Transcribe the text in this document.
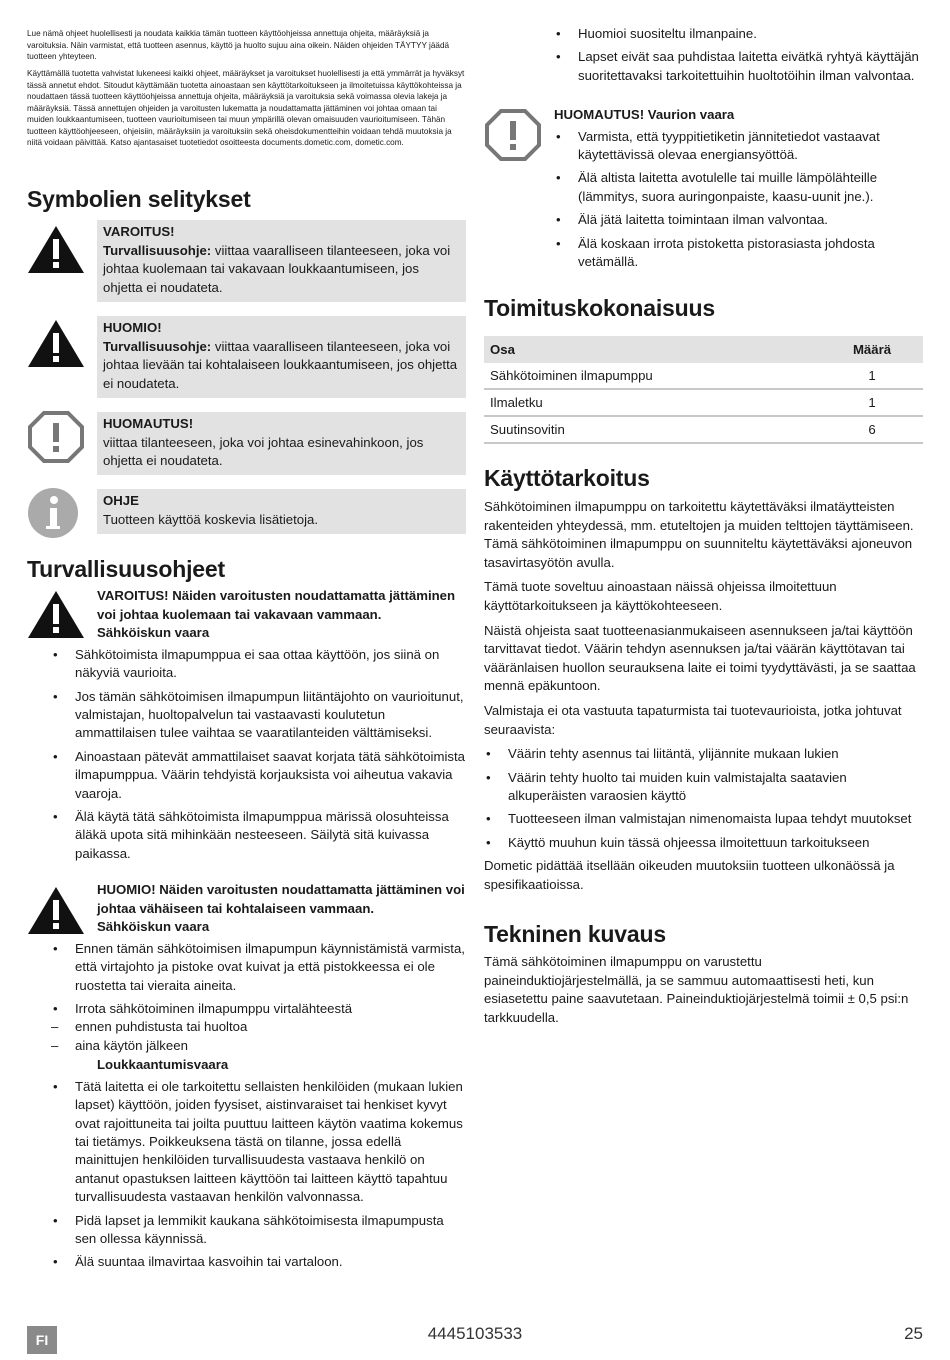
Lue nämä ohjeet huolellisesti ja noudata kaikkia tämän tuotteen käyttöohjeissa annettuja ohjeita, määräyksiä ja varoituksia. Näin varmistat, että tuotteen asennus, käyttö ja huolto sujuu aina oikein. Näiden ohjeiden TÄYTYY jäädä tuotteen yhteyteen.

Käyttämällä tuotetta vahvistat lukeneesi kaikki ohjeet, määräykset ja varoitukset huolellisesti ja että ymmärrät ja hyväksyt tässä annetut ehdot. Sitoudut käyttämään tuotetta ainoastaan sen käyttötarkoitukseen ja ilmoitetuissa käyttökohteissa ja noudattaen tässä tuotteen käyttöohjeissa annettuja ohjeita, määräyksiä ja varoituksia sekä voimassa olevia lakeja ja määräyksiä. Tässä annettujen ohjeiden ja varoitusten lukematta ja noudattamatta jättäminen voi johtaa omaan tai muiden loukkaantumiseen, tuotteen vaurioitumiseen tai muun ympärillä olevan omaisuuden vaurioitumiseen. Tähän tuotteen käyttöohjeeseen, ohjeisiin, määräyksiin ja varoituksiin sekä oheisdokumentteihin voidaan tehdä muutoksia ja niitä voidaan päivittää. Katso ajantasaiset tuotetiedot osoitteesta documents.dometic.com, dometic.com.

Symbolien selitykset
VAROITUS!
Turvallisuusohje: viittaa vaaralliseen tilanteeseen, joka voi johtaa kuolemaan tai vakavaan loukkaantumiseen, jos ohjetta ei noudateta.
HUOMIO!
Turvallisuusohje: viittaa vaaralliseen tilanteeseen, joka voi johtaa lievään tai kohtalaiseen loukkaantumiseen, jos ohjetta ei noudateta.
HUOMAUTUS!
viittaa tilanteeseen, joka voi johtaa esinevahinkoon, jos ohjetta ei noudateta.
OHJE
Tuotteen käyttöä koskevia lisätietoja.
Turvallisuusohjeet
VAROITUS! Näiden varoitusten noudattamatta jättäminen voi johtaa kuolemaan tai vakavaan vammaan.
Sähköiskun vaara
• Sähkötoimista ilmapumppua ei saa ottaa käyttöön, jos siinä on näkyviä vaurioita.
• Jos tämän sähkötoimisen ilmapumpun liitäntäjohto on vaurioitunut, valmistajan, huoltopalvelun tai vastaavasti koulutetun ammattilaisen tulee vaihtaa se vaaratilanteiden välttämiseksi.
• Ainoastaan pätevät ammattilaiset saavat korjata tätä sähkötoimista ilmapumppua. Väärin tehdyistä korjauksista voi aiheutua vakavia vaaroja.
• Älä käytä tätä sähkötoimista ilmapumppua märissä olosuhteissa äläkä upota sitä mihinkään nesteeseen. Säilytä sitä kuivassa paikassa.
HUOMIO! Näiden varoitusten noudattamatta jättäminen voi johtaa vähäiseen tai kohtalaiseen vammaan.
Sähköiskun vaara
• Ennen tämän sähkötoimisen ilmapumpun käynnistämistä varmista, että virtajohto ja pistoke ovat kuivat ja että pistokkeessa ei ole ruostetta tai vieraita aineita.
• Irrota sähkötoiminen ilmapumppu virtalähteestä
– ennen puhdistusta tai huoltoa
– aina käytön jälkeen
Loukkaantumisvaara
• Tätä laitetta ei ole tarkoitettu sellaisten henkilöiden (mukaan lukien lapset) käyttöön, joiden fyysiset, aistinvaraiset tai henkiset kyvyt ovat rajoittuneita tai joilta puuttuu laitteen käytön vaatima kokemus tai tietämys. Poikkeuksena tästä on tilanne, jossa edellä mainittujen henkilöiden turvallisuudesta vastaava henkilö on antanut opastuksen laitteen käyttöön tai laitteen käyttö tapahtuu turvallisuudesta vastaavan henkilön valvonnassa.
• Pidä lapset ja lemmikit kaukana sähkötoimisesta ilmapumpusta sen ollessa käynnissä.
• Älä suuntaa ilmavirtaa kasvoihin tai vartaloon.
• Huomioi suositeltu ilmanpaine.
• Lapset eivät saa puhdistaa laitetta eivätkä ryhtyä käyttäjän suoritettavaksi tarkoitettuihin huoltotöihin ilman valvontaa.
HUOMAUTUS! Vaurion vaara
• Varmista, että tyyppitietiketin jännitetiedot vastaavat käytettävissä olevaa energiansyöttöä.
• Älä altista laitetta avotulelle tai muille lämpölähteille (lämmitys, suora auringonpaiste, kaasu-uunit jne.).
• Älä jätä laitetta toimintaan ilman valvontaa.
• Älä koskaan irrota pistoketta pistorasiasta johdosta vetämällä.
Toimituskokonaisuus
Osa	Määrä
Sähkötoiminen ilmapumppu	1
Ilmaletku	1
Suutinsovitin	6
Käyttötarkoitus

Sähkötoiminen ilmapumppu on tarkoitettu käytettäväksi ilmatäytteisten rakenteiden yhteydessä, mm. etuteltojen ja muiden telttojen täyttämiseen. Tämä sähkötoiminen ilmapumppu on suunniteltu käytettäväksi ajoneuvon tasavirtasyötön avulla.

Tämä tuote soveltuu ainoastaan näissä ohjeissa ilmoitettuun käyttötarkoitukseen ja käyttökohteeseen.

Näistä ohjeista saat tuotteenasianmukaiseen asennukseen ja/tai käyttöön tarvittavat tiedot. Väärin tehdyn asennuksen ja/tai väärän käyttötavan tai vääränlaisen huollon seurauksena laite ei toimi tyydyttävästi, ja se saattaa mennä epäkuntoon.

Valmistaja ei ota vastuuta tapaturmista tai tuotevaurioista, jotka johtuvat seuraavista:

• Väärin tehty asennus tai liitäntä, ylijännite mukaan lukien
• Väärin tehty huolto tai muiden kuin valmistajalta saatavien alkuperäisten varaosien käyttö
• Tuotteeseen ilman valmistajan nimenomaista lupaa tehdyt muutokset
• Käyttö muuhun kuin tässä ohjeessa ilmoitettuun tarkoitukseen

Dometic pidättää itsellään oikeuden muutoksiin tuotteen ulkonäössä ja spesifikaatioissa.

Tekninen kuvaus

Tämä sähkötoiminen ilmapumppu on varustettu paineinduktiojärjestelmällä, ja se sammuu automaattisesti heti, kun esiasetettu paine saavutetaan. Paineinduktiojärjestelmä toimii ± 0,5 psi:n tarkkuudella.

FI	4445103533	25
